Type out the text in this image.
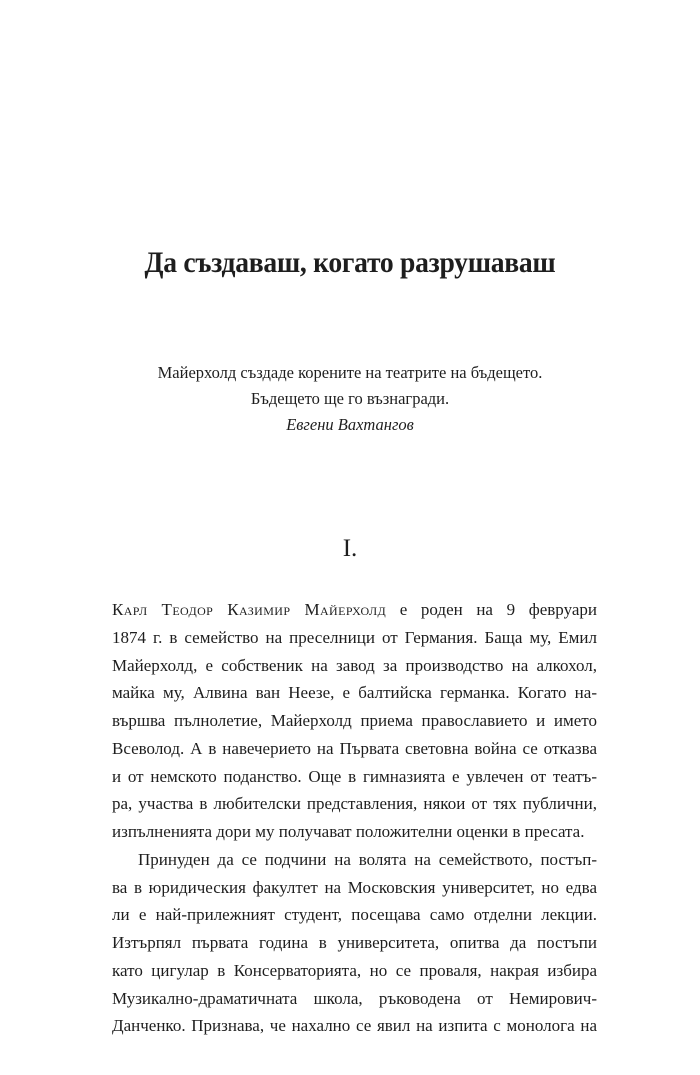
Да създаваш, когато разрушаваш
Майерхолд създаде корените на театрите на бъдещето.
Бъдещето ще го възнагради.
Евгени Вахтангов
I.
Карл Теодор Казимир Майерхолд е роден на 9 февруари
1874 г. в семейство на преселници от Германия. Баща му, Емил
Майерхолд, е собственик на завод за производство на алкохол,
майка му, Алвина ван Неезе, е балтийска германка. Когато на-
вършва пълнолетие, Майерхолд приема православието и името
Всеволод. А в навечерието на Първата световна война се отказва
и от немското поданство. Още в гимназията е увлечен от театъ-
ра, участва в любителски представления, някои от тях публични,
изпълненията дори му получават положителни оценки в пресата.
Принуден да се подчини на волята на семейството, постъп-
ва в юридическия факултет на Московския университет, но едва
ли е най-прилежният студент, посещава само отделни лекции.
Изтърпял първата година в университета, опитва да постъпи
като цигулар в Консерваторията, но се проваля, накрая избира
Музикално-драматичната школа, ръководена от Немирович-
Данченко. Признава, че нахално се явил на изпита с монолога на
